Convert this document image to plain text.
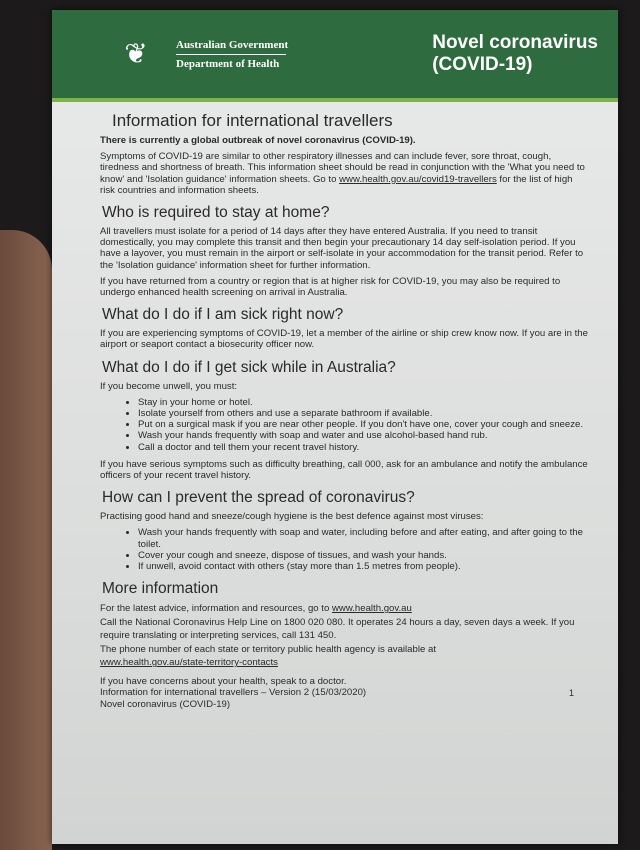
❦	Australian Government
Department of Health
Novel coronavirus
(COVID-19)
Information for international travellers

There is currently a global outbreak of novel coronavirus (COVID-19).

Symptoms of COVID-19 are similar to other respiratory illnesses and can include fever, sore throat, cough, tiredness and shortness of breath. This information sheet should be read in conjunction with the 'What you need to know' and 'Isolation guidance' information sheets. Go to www.health.gov.au/covid19-travellers for the list of high risk countries and information sheets.

Who is required to stay at home?

All travellers must isolate for a period of 14 days after they have entered Australia. If you need to transit domestically, you may complete this transit and then begin your precautionary 14 day self-isolation period. If you have a layover, you must remain in the airport or self-isolate in your accommodation for the transit period. Refer to the 'Isolation guidance' information sheet for further information.

If you have returned from a country or region that is at higher risk for COVID-19, you may also be required to undergo enhanced health screening on arrival in Australia.

What do I do if I am sick right now?

If you are experiencing symptoms of COVID-19, let a member of the airline or ship crew know now. If you are in the airport or seaport contact a biosecurity officer now.

What do I do if I get sick while in Australia?

If you become unwell, you must:

• Stay in your home or hotel.
• Isolate yourself from others and use a separate bathroom if available.
• Put on a surgical mask if you are near other people. If you don't have one, cover your cough and sneeze.
• Wash your hands frequently with soap and water and use alcohol-based hand rub.
• Call a doctor and tell them your recent travel history.

If you have serious symptoms such as difficulty breathing, call 000, ask for an ambulance and notify the ambulance officers of your recent travel history.

How can I prevent the spread of coronavirus?

Practising good hand and sneeze/cough hygiene is the best defence against most viruses:

• Wash your hands frequently with soap and water, including before and after eating, and after going to the toilet.
• Cover your cough and sneeze, dispose of tissues, and wash your hands.
• If unwell, avoid contact with others (stay more than 1.5 metres from people).
More information

For the latest advice, information and resources, go to www.health.gov.au
Call the National Coronavirus Help Line on 1800 020 080. It operates 24 hours a day, seven days a week. If you require translating or interpreting services, call 131 450.
The phone number of each state or territory public health agency is available at
www.health.gov.au/state-territory-contacts

If you have concerns about your health, speak to a doctor.
Information for international travellers – Version 2 (15/03/2020)
Novel coronavirus (COVID-19)
1
